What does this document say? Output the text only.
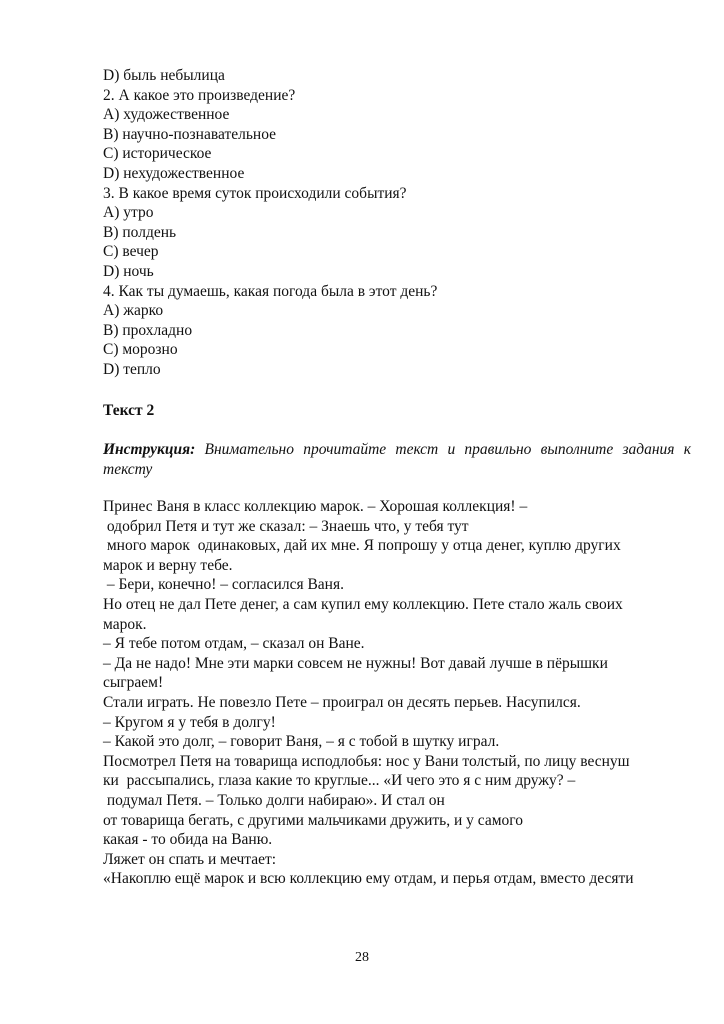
D) быль небылица
2. А какое это произведение?
А) художественное
В) научно-познавательное
С) историческое
D) нехудожественное
3. В какое время суток происходили события?
А) утро
В) полдень
С) вечер
D) ночь
4. Как ты думаешь, какая погода была в этот день?
А) жарко
В) прохладно
С) морозно
D) тепло
Текст 2
Инструкция: Внимательно прочитайте текст и правильно выполните задания к тексту
Принес Ваня в класс коллекцию марок. – Хорошая коллекция! –
одобрил Петя и тут же сказал: – Знаешь что, у тебя тут
много марок  одинаковых, дай их мне. Я попрошу у отца денег, куплю других
марок и верну тебе.
– Бери, конечно! – согласился Ваня.
Но отец не дал Пете денег, а сам купил ему коллекцию. Пете стало жаль своих
марок.
– Я тебе потом отдам, – сказал он Ване.
– Да не надо! Мне эти марки совсем не нужны! Вот давай лучше в пёрышки
сыграем!
Стали играть. Не повезло Пете – проиграл он десять перьев. Насупился.
– Кругом я у тебя в долгу!
– Какой это долг, – говорит Ваня, – я с тобой в шутку играл.
Посмотрел Петя на товарища исподлобья: нос у Вани толстый, по лицу веснуш
ки  рассыпались, глаза какие то круглые... «И чего это я с ним дружу? –
подумал Петя. – Только долги набираю». И стал он
от товарища бегать, с другими мальчиками дружить, и у самого
какая - то обида на Ваню.
Ляжет он спать и мечтает:
«Накоплю ещё марок и всю коллекцию ему отдам, и перья отдам, вместо десяти
28
